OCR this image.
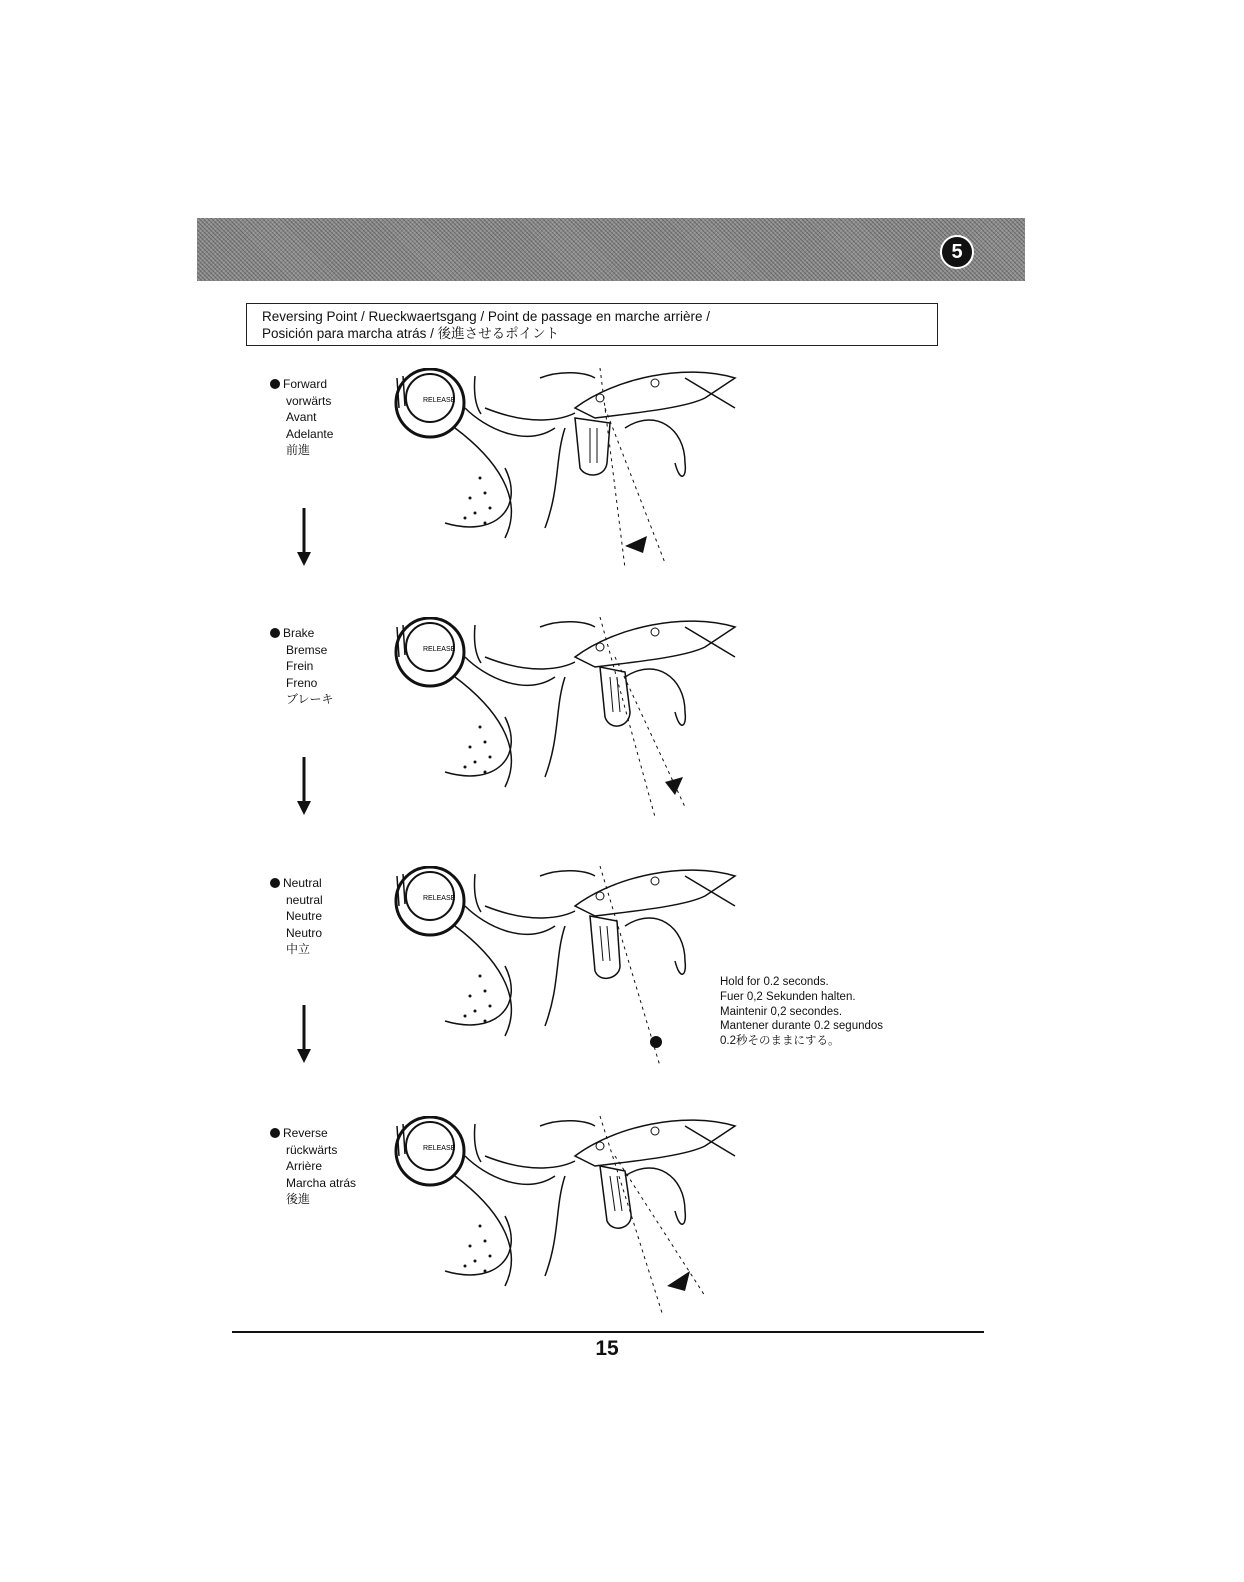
5
Reversing Point / Rueckwaertsgang / Point de passage en marche arrière /
Posición para marcha atrás / 後進させるポイント
Forward
vorwärts
Avant
Adelante
前進
RELEASE
Brake
Bremse
Frein
Freno
ブレーキ
RELEASE
Neutral
neutral
Neutre
Neutro
中立
RELEASE
Hold for 0.2 seconds.
Fuer 0,2 Sekunden halten.
Maintenir 0,2 secondes.
Mantener durante 0.2 segundos
0.2秒そのままにする。
Reverse
rückwärts
Arrière
Marcha atrás
後進
RELEASE
15
